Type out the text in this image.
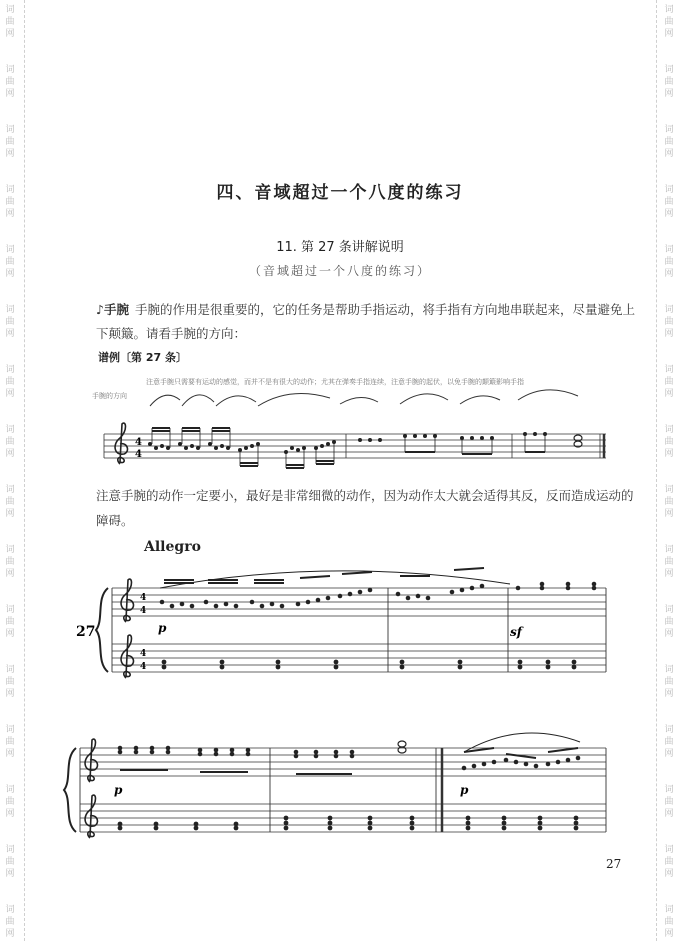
词
曲
网
词
曲
网
词
曲
网
词
曲
网
词
曲
网
词
曲
网
词
曲
网
词
曲
网
词
曲
网
词
曲
网
词
曲
网
词
曲
网
词
曲
网
词
曲
网
词
曲
网
词
曲
网
词
曲
网
词
曲
网
词
曲
网
词
曲
网
词
曲
网
词
曲
网
词
曲
网
词
曲
网
词
曲
网
词
曲
网
词
曲
网
词
曲
网
词
曲
网
词
曲
网
词
曲
网
词
曲
网
四、音域超过一个八度的练习
11. 第 27 条讲解说明
（音域超过一个八度的练习）
♪手腕 手腕的作用是很重要的，它的任务是帮助手指运动，将手指有方向地串联起来，尽量避免上下颠簸。请看手腕的方向：
谱例〔第 27 条〕
注意手腕只需要有运动的感觉，而并不是有很大的动作；尤其在弹奏手指连续，注意手腕的起伏，以免手腕的颠簸影响手指
手腕的方向
4
4
注意手腕的动作一定要小，最好是非常细微的动作，因为动作太大就会适得其反，反而造成运动的障碍。
Allegro
27
4
4
4
4
p	sf
p	p
27
